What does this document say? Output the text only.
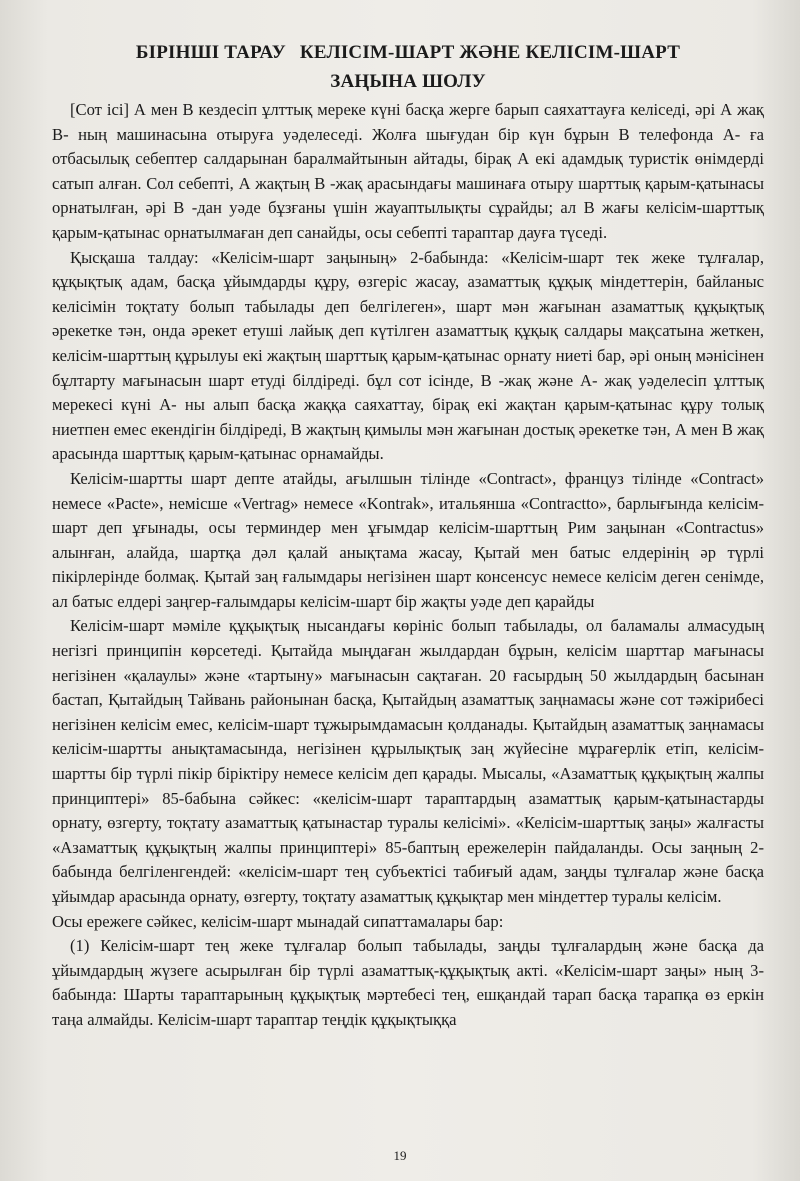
БІРІНШІ ТАРАУ КЕЛІСІМ-ШАРТ ЖӘНЕ КЕЛІСІМ-ШАРТ
ЗАҢЫНА ШОЛУ

[Сот ісі] А мен В кездесіп ұлттық мереке күні басқа жерге барып саяхаттауға келіседі, әрі А жақ В- ның машинасына отыруға уәделеседі. Жолға шығудан бір күн бұрын В телефонда А- ға отбасылық себептер салдарынан баралмайтынын айтады, бірақ А екі адамдық туристік өнімдерді сатып алған. Сол себепті, А жақтың В -жақ арасындағы машинаға отыру шарттық қарым-қатынасы орнатылған, әрі В -дан уәде бұзғаны үшін жауаптылықты сұрайды; ал В жағы келісім-шарттық қарым-қатынас орнатылмаған деп санайды, осы себепті тараптар дауға түседі.

Қысқаша талдау: «Келісім-шарт заңының» 2-бабында: «Келісім-шарт тек жеке тұлғалар, құқықтық адам, басқа ұйымдарды құру, өзгеріс жасау, азаматтық құқық міндеттерін, байланыс келісімін тоқтату болып табылады деп белгілеген», шарт мән жағынан азаматтық құқықтық әрекетке тән, онда әрекет етуші лайық деп күтілген азаматтық құқық салдары мақсатына жеткен, келісім-шарттың құрылуы екі жақтың шарттық қарым-қатынас орнату ниеті бар, әрі оның мәнісінен бұлтарту мағынасын шарт етуді білдіреді. бұл сот ісінде, В -жақ және А- жақ уәделесіп ұлттық мерекесі күні А- ны алып басқа жаққа саяхаттау, бірақ екі жақтан қарым-қатынас құру толық ниетпен емес екендігін білдіреді, В жақтың қимылы мән жағынан достық әрекетке тән, А мен В жақ арасында шарттық қарым-қатынас орнамайды.

Келісім-шартты шарт депте атайды, ағылшын тілінде «Contract», француз тілінде «Contract» немесе «Pacte», немісше «Vertrag» немесе «Kontrak», итальянша «Contractto», барлығында келісім-шарт деп ұғынады, осы терминдер мен ұғымдар келісім-шарттың Рим заңынан «Contractus» алынған, алайда, шартқа дәл қалай анықтама жасау, Қытай мен батыс елдерінің әр түрлі пікірлерінде болмақ. Қытай заң ғалымдары негізінен шарт консенсус немесе келісім деген сенімде, ал батыс елдері заңгер-ғалымдары келісім-шарт бір жақты уәде деп қарайды

Келісім-шарт мәміле құқықтық нысандағы көрініс болып табылады, ол баламалы алмасудың негізгі принципін көрсетеді. Қытайда мыңдаған жылдардан бұрын, келісім шарттар мағынасы негізінен «қалаулы» және «тартыну» мағынасын сақтаған. 20 ғасырдың 50 жылдардың басынан бастап, Қытайдың Тайвань районынан басқа, Қытайдың азаматтық заңнамасы және сот тәжірибесі негізінен келісім емес, келісім-шарт тұжырымдамасын қолданады. Қытайдың азаматтық заңнамасы келісім-шартты анықтамасында, негізінен құрылықтық заң жүйесіне мұрағерлік етіп, келісім-шартты бір түрлі пікір біріктіру немесе келісім деп қарады. Мысалы, «Азаматтық құқықтың жалпы принциптері» 85-бабына сәйкес: «келісім-шарт тараптардың азаматтық қарым-қатынастарды орнату, өзгерту, тоқтату азаматтық қатынастар туралы келісімі». «Келісім-шарттық заңы» жалғасты «Азаматтық құқықтың жалпы принциптері» 85-баптың ережелерін пайдаланды. Осы заңның 2-бабында белгіленгендей: «келісім-шарт тең субъектісі табиғый адам, заңды тұлғалар және басқа ұйымдар арасында орнату, өзгерту, тоқтату азаматтық құқықтар мен міндеттер туралы келісім.

Осы ережеге сәйкес, келісім-шарт мынадай сипаттамалары бар:

(1) Келісім-шарт тең жеке тұлғалар болып табылады, заңды тұлғалардың және басқа да ұйымдардың жүзеге асырылған бір түрлі азаматтық-құқықтық акті. «Келісім-шарт заңы» ның 3-бабында: Шарты тараптарының құқықтық мәртебесі тең, ешқандай тарап басқа тарапқа өз еркін таңа алмайды. Келісім-шарт тараптар теңдік құқықтыққа

19
